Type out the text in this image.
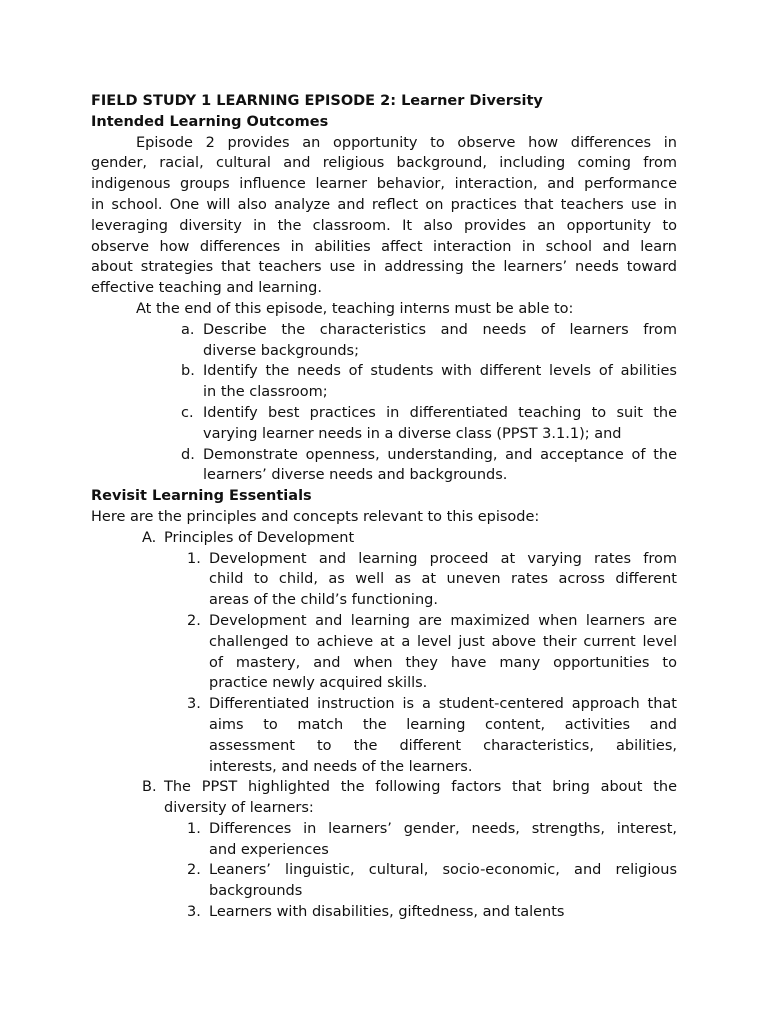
FIELD STUDY 1 LEARNING EPISODE 2: Learner Diversity
Intended Learning Outcomes
Episode 2 provides an opportunity to observe how differences in
gender, racial, cultural and religious background, including coming from
indigenous groups influence learner behavior, interaction, and performance
in school. One will also analyze and reflect on practices that teachers use in
leveraging diversity in the classroom. It also provides an opportunity to
observe how differences in abilities affect interaction in school and learn
about strategies that teachers use in addressing the learners’ needs toward
effective teaching and learning.
At the end of this episode, teaching interns must be able to:
a. Describe the characteristics and needs of learners from
diverse backgrounds;
b. Identify the needs of students with different levels of abilities
in the classroom;
c. Identify best practices in differentiated teaching to suit the
varying learner needs in a diverse class (PPST 3.1.1); and
d. Demonstrate openness, understanding, and acceptance of the
learners’ diverse needs and backgrounds.
Revisit Learning Essentials
Here are the principles and concepts relevant to this episode:
A. Principles of Development
1. Development and learning proceed at varying rates from
child to child, as well as at uneven rates across different
areas of the child’s functioning.
2. Development and learning are maximized when learners are
challenged to achieve at a level just above their current level
of mastery, and when they have many opportunities to
practice newly acquired skills.
3. Differentiated instruction is a student-centered approach that
aims to match the learning content, activities and
assessment to the different characteristics, abilities,
interests, and needs of the learners.
B. The PPST highlighted the following factors that bring about the
diversity of learners:
1. Differences in learners’ gender, needs, strengths, interest,
and experiences
2. Leaners’ linguistic, cultural, socio-economic, and religious
backgrounds
3. Learners with disabilities, giftedness, and talents
